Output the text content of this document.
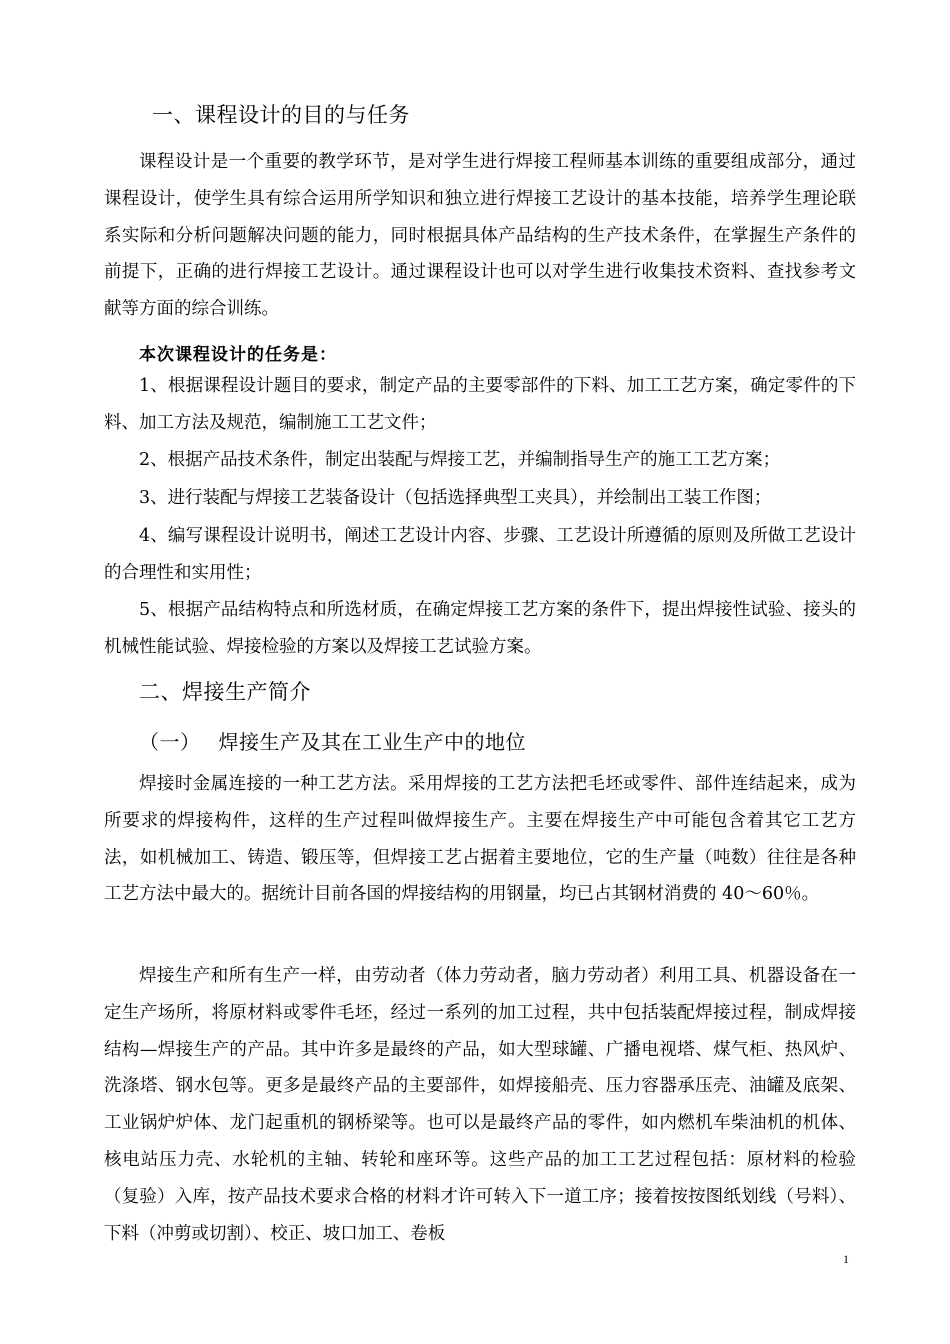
一、课程设计的目的与任务
课程设计是一个重要的教学环节，是对学生进行焊接工程师基本训练的重要组成部分，通过课程设计，使学生具有综合运用所学知识和独立进行焊接工艺设计的基本技能，培养学生理论联系实际和分析问题解决问题的能力，同时根据具体产品结构的生产技术条件，在掌握生产条件的前提下，正确的进行焊接工艺设计。通过课程设计也可以对学生进行收集技术资料、查找参考文献等方面的综合训练。
本次课程设计的任务是：
1、根据课程设计题目的要求，制定产品的主要零部件的下料、加工工艺方案，确定零件的下料、加工方法及规范，编制施工工艺文件；
2、根据产品技术条件，制定出装配与焊接工艺，并编制指导生产的施工工艺方案；
3、进行装配与焊接工艺装备设计（包括选择典型工夹具），并绘制出工装工作图；
4、编写课程设计说明书，阐述工艺设计内容、步骤、工艺设计所遵循的原则及所做工艺设计的合理性和实用性；
5、根据产品结构特点和所选材质，在确定焊接工艺方案的条件下，提出焊接性试验、接头的机械性能试验、焊接检验的方案以及焊接工艺试验方案。
二、焊接生产简介
（一） 焊接生产及其在工业生产中的地位
焊接时金属连接的一种工艺方法。采用焊接的工艺方法把毛坯或零件、部件连结起来，成为所要求的焊接构件，这样的生产过程叫做焊接生产。主要在焊接生产中可能包含着其它工艺方法，如机械加工、铸造、锻压等，但焊接工艺占据着主要地位，它的生产量（吨数）往往是各种工艺方法中最大的。据统计目前各国的焊接结构的用钢量，均已占其钢材消费的 40～60％。
焊接生产和所有生产一样，由劳动者（体力劳动者，脑力劳动者）利用工具、机器设备在一定生产场所，将原材料或零件毛坯，经过一系列的加工过程，共中包括装配焊接过程，制成焊接结构—焊接生产的产品。其中许多是最终的产品，如大型球罐、广播电视塔、煤气柜、热风炉、洗涤塔、钢水包等。更多是最终产品的主要部件，如焊接船壳、压力容器承压壳、油罐及底架、工业锅炉炉体、龙门起重机的钢桥梁等。也可以是最终产品的零件，如内燃机车柴油机的机体、核电站压力壳、水轮机的主轴、转轮和座环等。这些产品的加工工艺过程包括：原材料的检验（复验）入库，按产品技术要求合格的材料才许可转入下一道工序；接着按按图纸划线（号料）、下料（冲剪或切割）、校正、坡口加工、卷板
1
